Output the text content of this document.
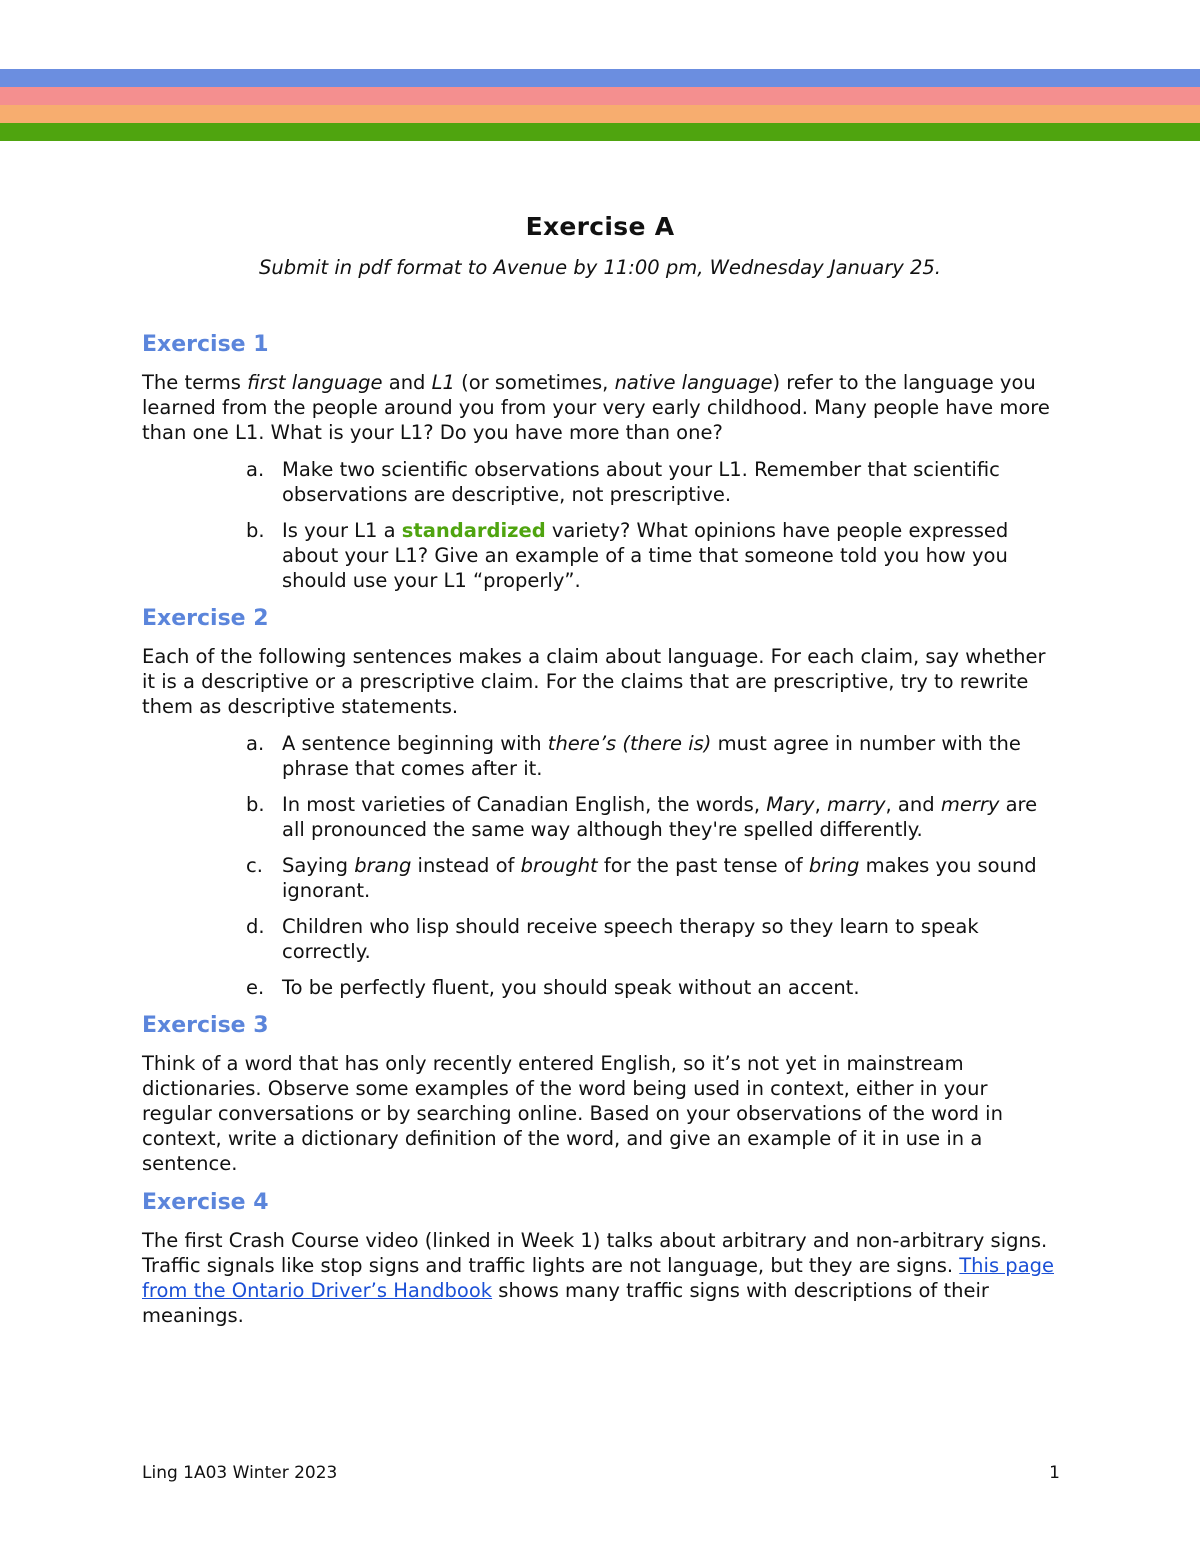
Exercise A
Submit in pdf format to Avenue by 11:00 pm, Wednesday January 25.
Exercise 1

The terms first language and L1 (or sometimes, native language) refer to the language you learned from the people around you from your very early childhood. Many people have more than one L1. What is your L1? Do you have more than one?

a. Make two scientific observations about your L1. Remember that scientific observations are descriptive, not prescriptive.
b. Is your L1 a standardized variety? What opinions have people expressed about your L1? Give an example of a time that someone told you how you should use your L1 “properly”.
Exercise 2

Each of the following sentences makes a claim about language. For each claim, say whether it is a descriptive or a prescriptive claim. For the claims that are prescriptive, try to rewrite them as descriptive statements.

a. A sentence beginning with there’s (there is) must agree in number with the phrase that comes after it.
b. In most varieties of Canadian English, the words, Mary, marry, and merry are all pronounced the same way although they're spelled differently.
c. Saying brang instead of brought for the past tense of bring makes you sound ignorant.
d. Children who lisp should receive speech therapy so they learn to speak correctly.
e. To be perfectly fluent, you should speak without an accent.
Exercise 3

Think of a word that has only recently entered English, so it’s not yet in mainstream dictionaries. Observe some examples of the word being used in context, either in your regular conversations or by searching online. Based on your observations of the word in context, write a dictionary definition of the word, and give an example of it in use in a sentence.

Exercise 4

The first Crash Course video (linked in Week 1) talks about arbitrary and non-arbitrary signs. Traffic signals like stop signs and traffic lights are not language, but they are signs. This page from the Ontario Driver’s Handbook shows many traffic signs with descriptions of their meanings.

Ling 1A03 Winter 2023	1
